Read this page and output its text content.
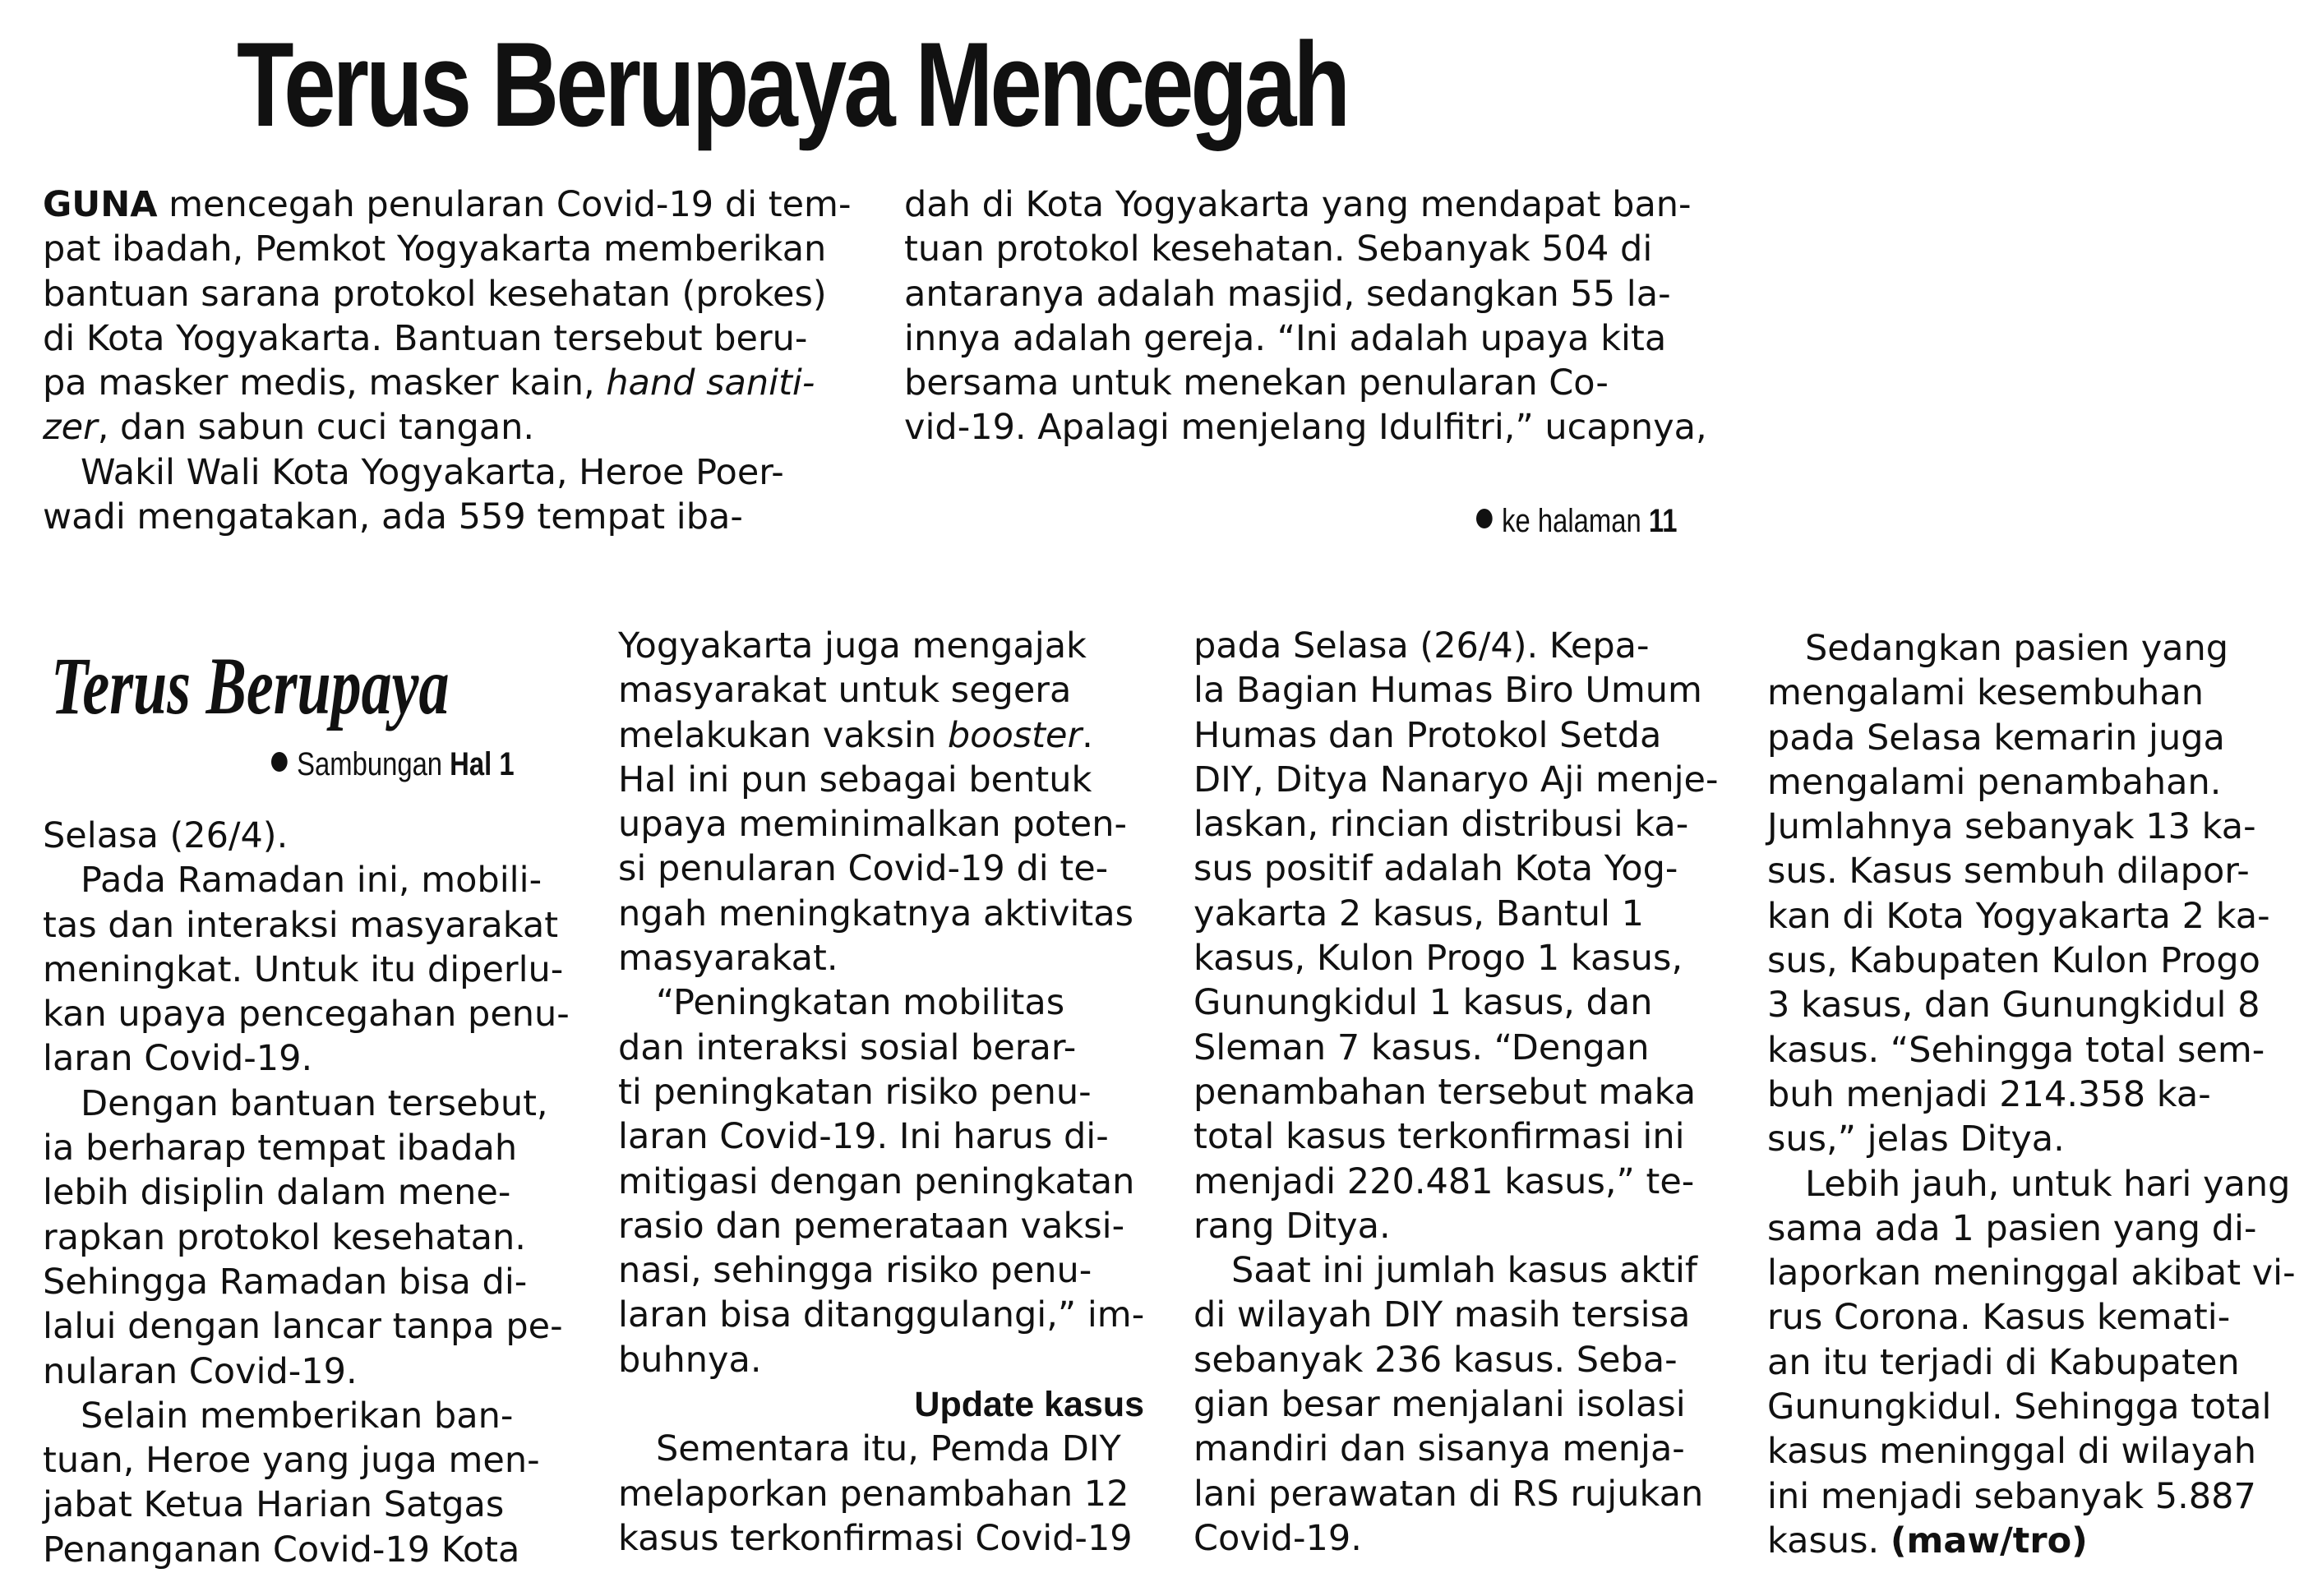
Terus Berupaya Mencegah
GUNA mencegah penularan Covid-19 di tem-
pat ibadah, Pemkot Yogyakarta memberikan
bantuan sarana protokol kesehatan (prokes)
di Kota Yogyakarta. Bantuan tersebut beru-
pa masker medis, masker kain, hand saniti-
zer, dan sabun cuci tangan.
Wakil Wali Kota Yogyakarta, Heroe Poer-
wadi mengatakan, ada 559 tempat iba-
dah di Kota Yogyakarta yang mendapat ban-
tuan protokol kesehatan. Sebanyak 504 di
antaranya adalah masjid, sedangkan 55 la-
innya adalah gereja. “Ini adalah upaya kita
bersama untuk menekan penularan Co-
vid-19. Apalagi menjelang Idulfitri,” ucapnya,
ke halaman 11
Terus Berupaya
Sambungan Hal 1
Selasa (26/4).
Pada Ramadan ini, mobili-
tas dan interaksi masyarakat
meningkat. Untuk itu diperlu-
kan upaya pencegahan penu-
laran Covid-19.
Dengan bantuan tersebut,
ia berharap tempat ibadah
lebih disiplin dalam mene-
rapkan protokol kesehatan.
Sehingga Ramadan bisa di-
lalui dengan lancar tanpa pe-
nularan Covid-19.
Selain memberikan ban-
tuan, Heroe yang juga men-
jabat Ketua Harian Satgas
Penanganan Covid-19 Kota
Yogyakarta juga mengajak
masyarakat untuk segera
melakukan vaksin booster.
Hal ini pun sebagai bentuk
upaya meminimalkan poten-
si penularan Covid-19 di te-
ngah meningkatnya aktivitas
masyarakat.
“Peningkatan mobilitas
dan interaksi sosial berar-
ti peningkatan risiko penu-
laran Covid-19. Ini harus di-
mitigasi dengan peningkatan
rasio dan pemerataan vaksi-
nasi, sehingga risiko penu-
laran bisa ditanggulangi,” im-
buhnya.
Update kasus
Sementara itu, Pemda DIY
melaporkan penambahan 12
kasus terkonfirmasi Covid-19
pada Selasa (26/4). Kepa-
la Bagian Humas Biro Umum
Humas dan Protokol Setda
DIY, Ditya Nanaryo Aji menje-
laskan, rincian distribusi ka-
sus positif adalah Kota Yog-
yakarta 2 kasus, Bantul 1
kasus, Kulon Progo 1 kasus,
Gunungkidul 1 kasus, dan
Sleman 7 kasus. “Dengan
penambahan tersebut maka
total kasus terkonfirmasi ini
menjadi 220.481 kasus,” te-
rang Ditya.
Saat ini jumlah kasus aktif
di wilayah DIY masih tersisa
sebanyak 236 kasus. Seba-
gian besar menjalani isolasi
mandiri dan sisanya menja-
lani perawatan di RS rujukan
Covid-19.
Sedangkan pasien yang
mengalami kesembuhan
pada Selasa kemarin juga
mengalami penambahan.
Jumlahnya sebanyak 13 ka-
sus. Kasus sembuh dilapor-
kan di Kota Yogyakarta 2 ka-
sus, Kabupaten Kulon Progo
3 kasus, dan Gunungkidul 8
kasus. “Sehingga total sem-
buh menjadi 214.358 ka-
sus,” jelas Ditya.
Lebih jauh, untuk hari yang
sama ada 1 pasien yang di-
laporkan meninggal akibat vi-
rus Corona. Kasus kemati-
an itu terjadi di Kabupaten
Gunungkidul. Sehingga total
kasus meninggal di wilayah
ini menjadi sebanyak 5.887
kasus. (maw/tro)
